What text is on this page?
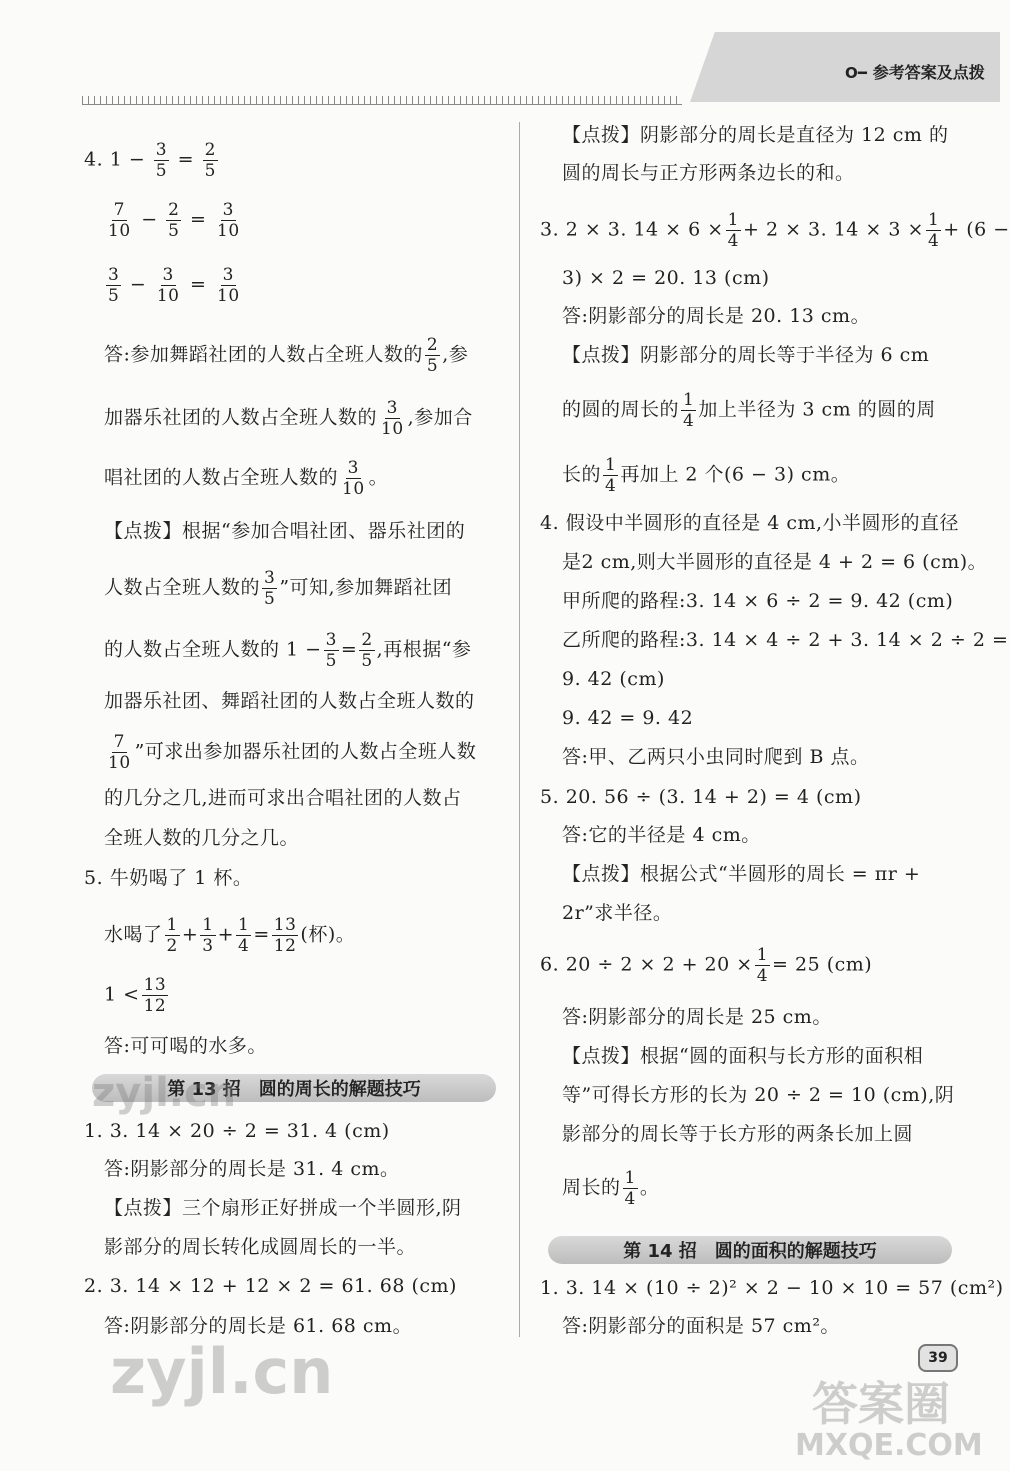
O━ 参考答案及点拨
4. $1 - \frac{3}{5} = \frac{2}{5}$
$\frac{7}{10} - \frac{2}{5} = \frac{3}{10}$
$\frac{3}{5} - \frac{3}{10} = \frac{3}{10}$
答:参加舞蹈社团的人数占全班人数的 $\frac{2}{5}$ ,参
加器乐社团的人数占全班人数的 $\frac{3}{10}$ ,参加合
唱社团的人数占全班人数的 $\frac{3}{10}$ 。
【点拨】根据“参加合唱社团、器乐社团的
人数占全班人数的 $\frac{3}{5}$ ”可知,参加舞蹈社团
的人数占全班人数的 $1 - \frac{3}{5} = \frac{2}{5}$ ,再根据“参
加器乐社团、舞蹈社团的人数占全班人数的
$\frac{7}{10}$ ”可求出参加器乐社团的人数占全班人数
的几分之几,进而可求出合唱社团的人数占
全班人数的几分之几。
5. 牛奶喝了 1 杯。
水喝了 $\frac{1}{2} + \frac{1}{3} + \frac{1}{4} = \frac{13}{12}$ (杯)。
$1 < \frac{13}{12}$
答:可可喝的水多。
第 13 招　圆的周长的解题技巧
1. 3. 14 × 20 ÷ 2 = 31. 4 (cm)
答:阴影部分的周长是 31. 4 cm。
【点拨】三个扇形正好拼成一个半圆形,阴
影部分的周长转化成圆周长的一半。
2. 3. 14 × 12 + 12 × 2 = 61. 68 (cm)
答:阴影部分的周长是 61. 68 cm。
【点拨】阴影部分的周长是直径为 12 cm 的
圆的周长与正方形两条边长的和。
3. 2 × 3. $14 \times 6 \times \frac{1}{4} + 2 \times 3$. $14 \times 3 \times \frac{1}{4} + (6$ −
3) × 2 = 20. 13 (cm)
答:阴影部分的周长是 20. 13 cm。
【点拨】阴影部分的周长等于半径为 6 cm
的圆的周长的 $\frac{1}{4}$ 加上半径为 3 cm 的圆的周
长的 $\frac{1}{4}$ 再加上 2 个(6 − 3) cm。
4. 假设中半圆形的直径是 4 cm,小半圆形的直径
是2 cm,则大半圆形的直径是 4 + 2 = 6 (cm)。
甲所爬的路程:3. 14 × 6 ÷ 2 = 9. 42 (cm)
乙所爬的路程:3. 14 × 4 ÷ 2 + 3. 14 × 2 ÷ 2 =
9. 42 (cm)
9. 42 = 9. 42
答:甲、乙两只小虫同时爬到 B 点。
5. 20. 56 ÷ (3. 14 + 2) = 4 (cm)
答:它的半径是 4 cm。
【点拨】根据公式“半圆形的周长 = πr +
2r”求半径。
6. $20 \div 2 \times 2 + 20 \times \frac{1}{4} = 25$ (cm)
答:阴影部分的周长是 25 cm。
【点拨】根据“圆的面积与长方形的面积相
等”可得长方形的长为 20 ÷ 2 = 10 (cm),阴
影部分的周长等于长方形的两条长加上圆
周长的 $\frac{1}{4}$ 。
第 14 招　圆的面积的解题技巧
1. 3. 14 × (10 ÷ 2)² × 2 − 10 × 10 = 57 (cm²)
答:阴影部分的面积是 57 cm²。
39
zyjl.cn
zyjl.cn	答案圈
MXQE.COM
